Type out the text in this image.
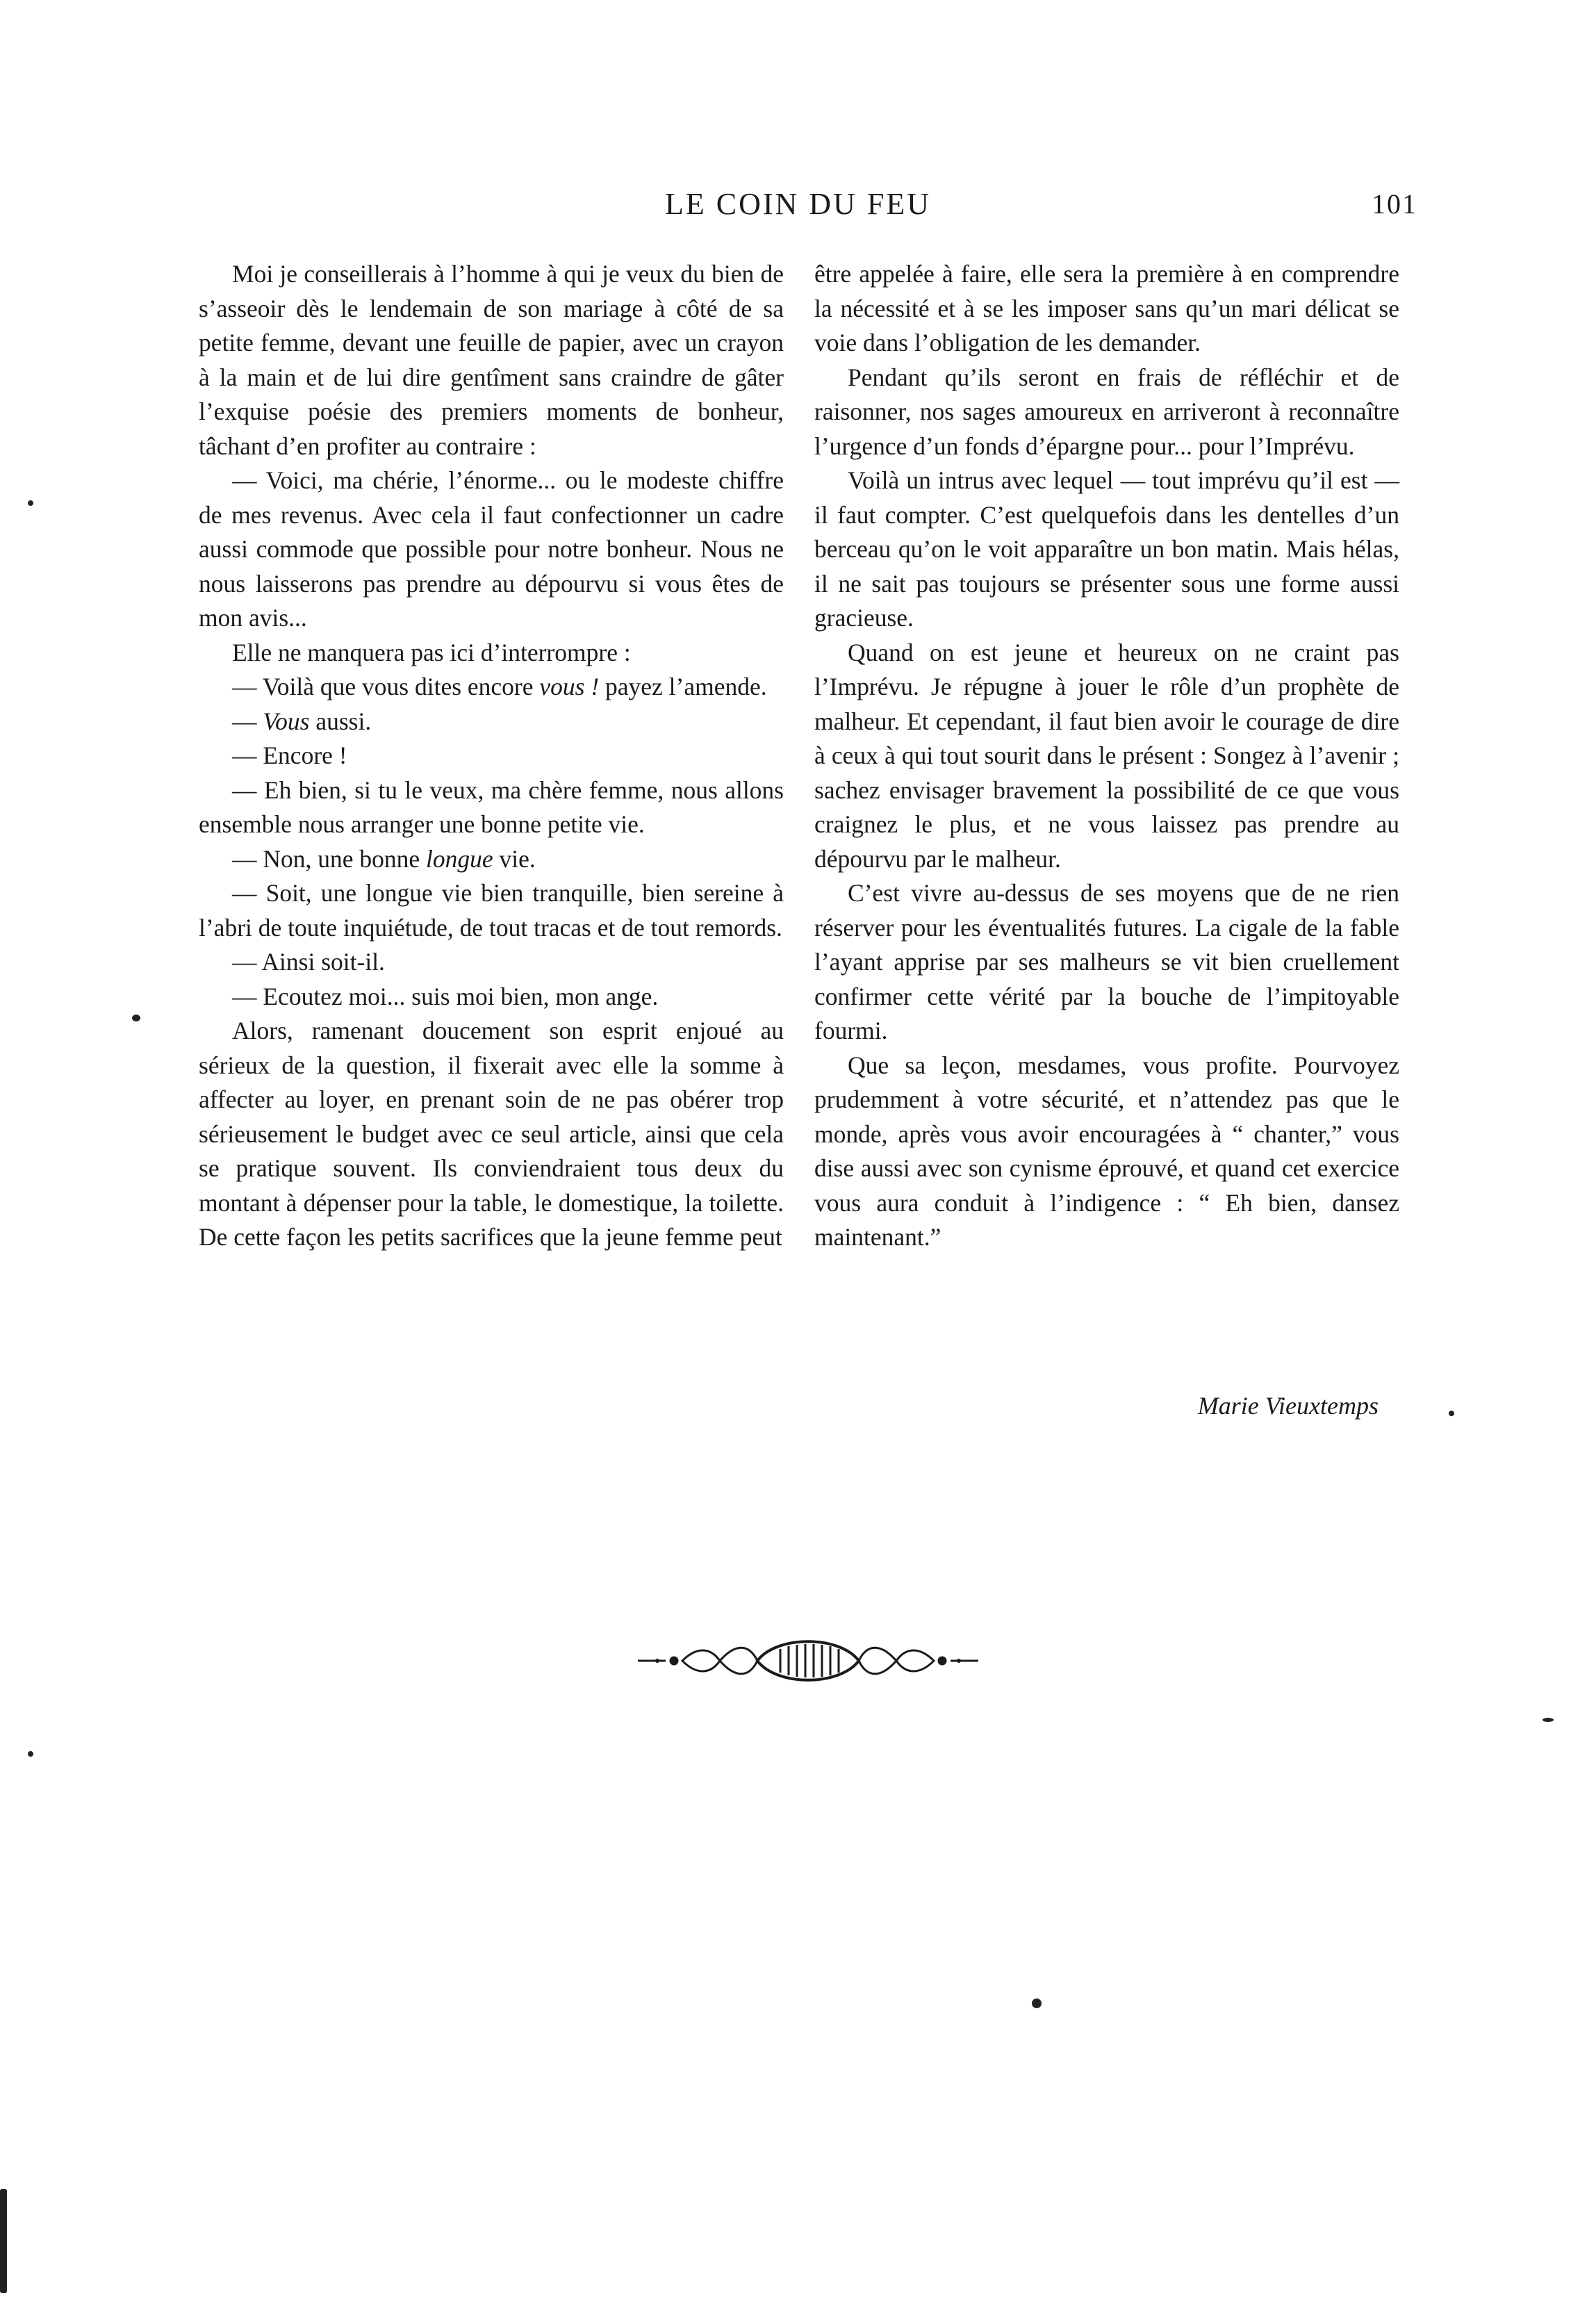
LE COIN DU FEU	101

Moi je conseillerais à l’homme à qui je veux du bien de s’asseoir dès le lendemain de son mariage à côté de sa petite femme, devant une feuille de papier, avec un crayon à la main et de lui dire gentîment sans craindre de gâter l’exquise poésie des premiers moments de bonheur, tâchant d’en profiter au contraire :

— Voici, ma chérie, l’énorme... ou le modeste chiffre de mes revenus. Avec cela il faut confectionner un cadre aussi commode que possible pour notre bonheur. Nous ne nous laisserons pas prendre au dépourvu si vous êtes de mon avis...

Elle ne manquera pas ici d’interrompre :

— Voilà que vous dites encore vous ! payez l’amende.

— Vous aussi.

— Encore !

— Eh bien, si tu le veux, ma chère femme, nous allons ensemble nous arranger une bonne petite vie.

— Non, une bonne longue vie.

— Soit, une longue vie bien tranquille, bien sereine à l’abri de toute inquiétude, de tout tracas et de tout remords.

— Ainsi soit-il.

— Ecoutez moi... suis moi bien, mon ange.

Alors, ramenant doucement son esprit enjoué au sérieux de la question, il fixerait avec elle la somme à affecter au loyer, en prenant soin de ne pas obérer trop sérieusement le budget avec ce seul article, ainsi que cela se pratique souvent. Ils conviendraient tous deux du montant à dépenser pour la table, le domestique, la toilette. De cette façon les petits sacrifices que la jeune femme peut

être appelée à faire, elle sera la première à en comprendre la nécessité et à se les imposer sans qu’un mari délicat se voie dans l’obligation de les demander.

Pendant qu’ils seront en frais de réfléchir et de raisonner, nos sages amoureux en arriveront à reconnaître l’urgence d’un fonds d’épargne pour... pour l’Imprévu.

Voilà un intrus avec lequel — tout imprévu qu’il est — il faut compter. C’est quelquefois dans les dentelles d’un berceau qu’on le voit apparaître un bon matin. Mais hélas, il ne sait pas toujours se présenter sous une forme aussi gracieuse.

Quand on est jeune et heureux on ne craint pas l’Imprévu. Je répugne à jouer le rôle d’un prophète de malheur. Et cependant, il faut bien avoir le courage de dire à ceux à qui tout sourit dans le présent : Songez à l’avenir ; sachez envisager bravement la possibilité de ce que vous craignez le plus, et ne vous laissez pas prendre au dépourvu par le malheur.

C’est vivre au-dessus de ses moyens que de ne rien réserver pour les éventualités futures. La cigale de la fable l’ayant apprise par ses malheurs se vit bien cruellement confirmer cette vérité par la bouche de l’impitoyable fourmi.

Que sa leçon, mesdames, vous profite. Pourvoyez prudemment à votre sécurité, et n’attendez pas que le monde, après vous avoir encouragées à “ chanter,” vous dise aussi avec son cynisme éprouvé, et quand cet exercice vous aura conduit à l’indigence : “ Eh bien, dansez maintenant.”

Marie Vieuxtemps
